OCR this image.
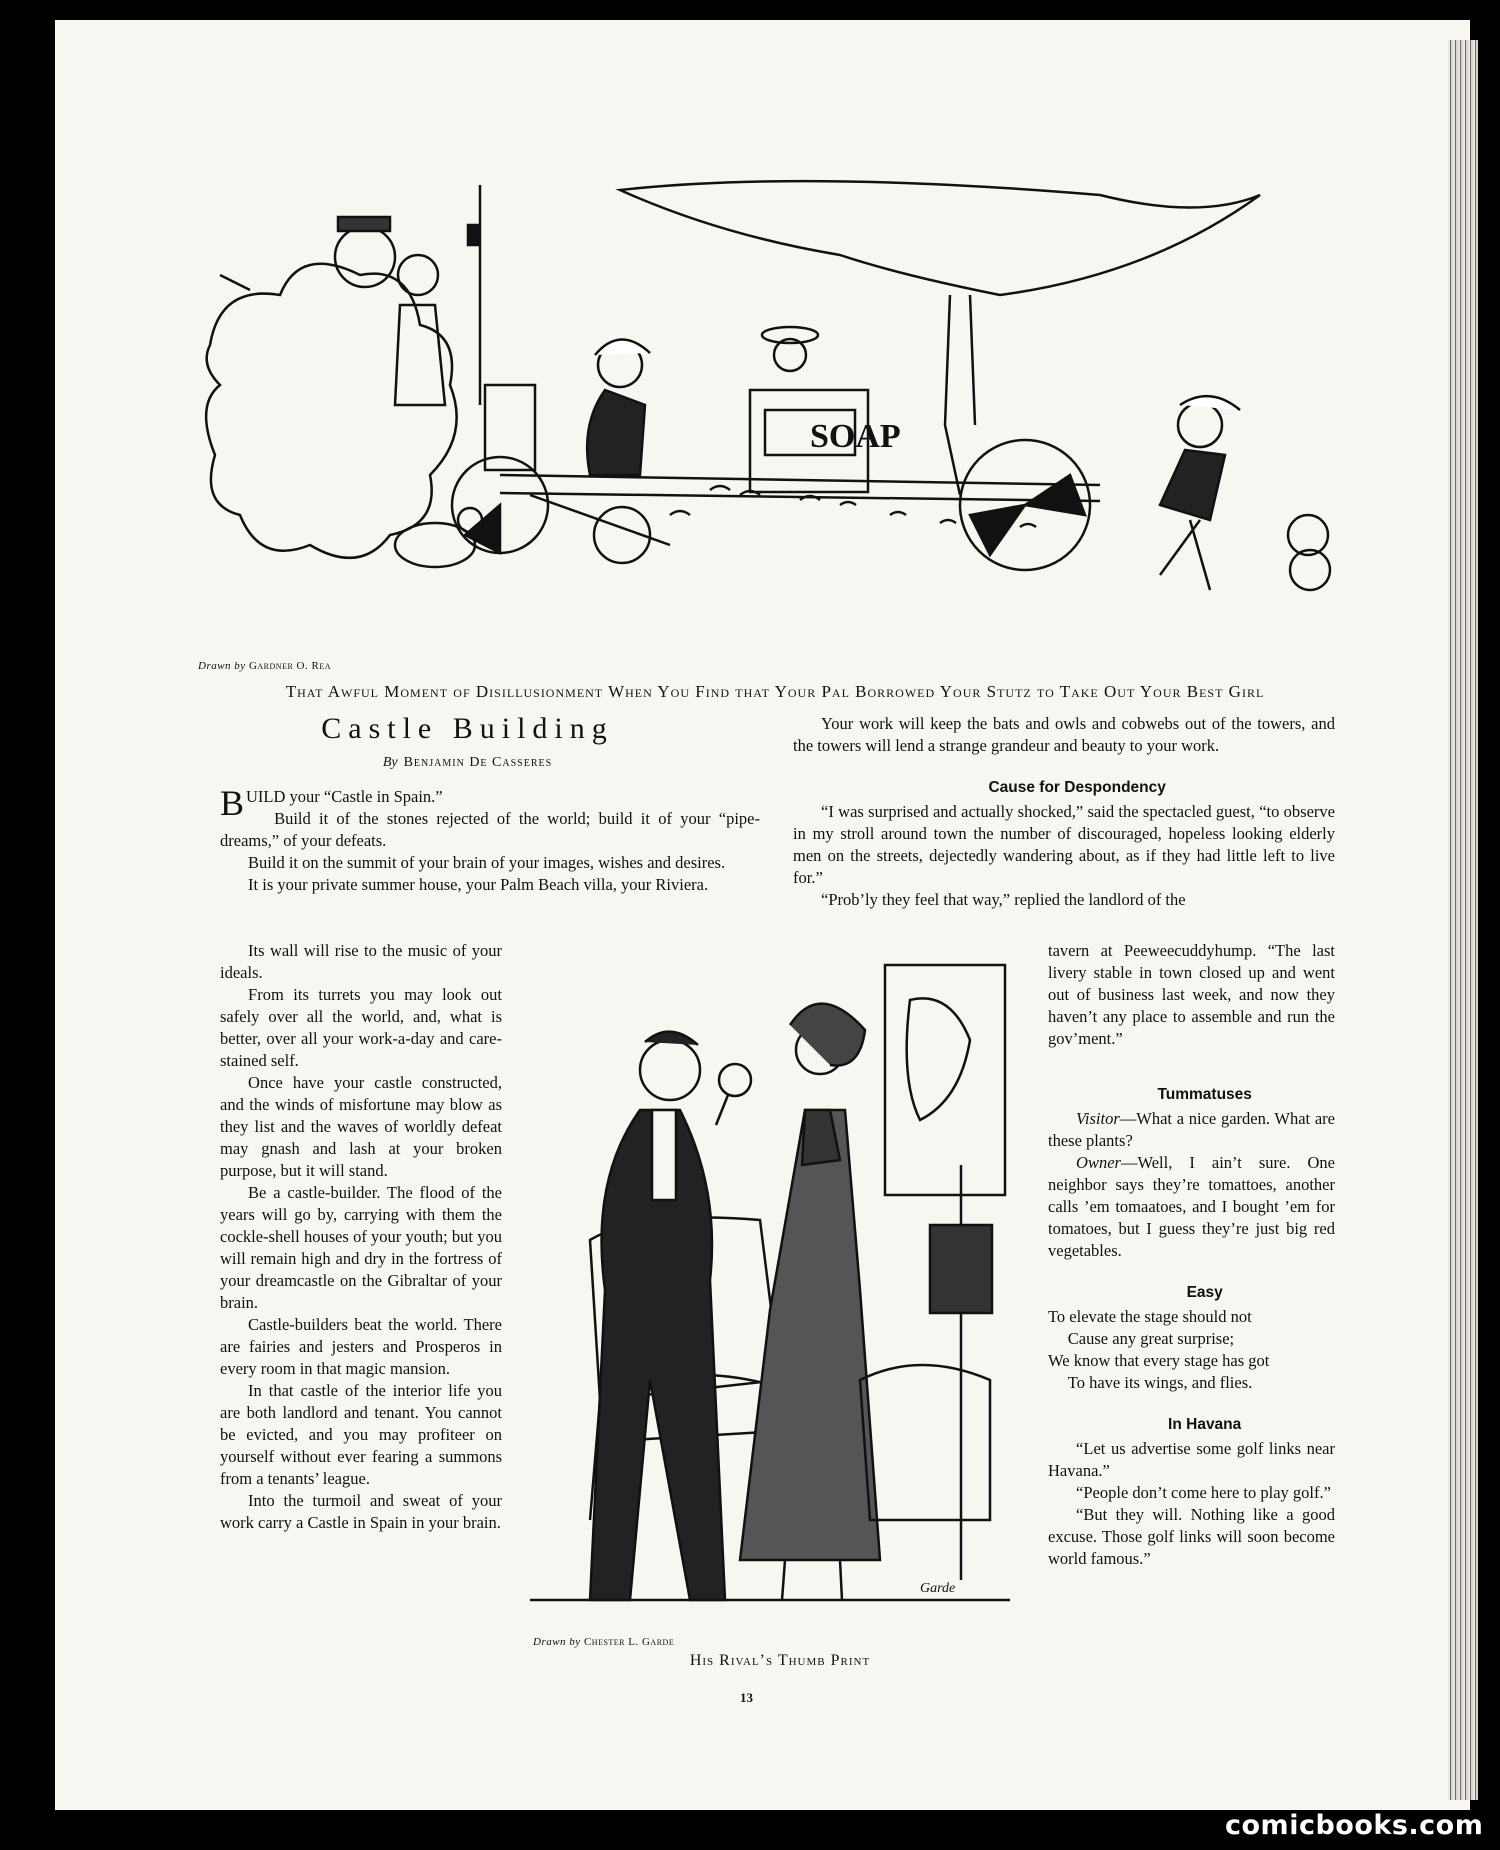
SOAP
Drawn by Gardner O. Rea
That Awful Moment of Disillusionment When You Find that Your Pal Borrowed Your Stutz to Take Out Your Best Girl
Castle Building
By Benjamin De Casseres

BUILD your “Castle in Spain.”

Build it of the stones rejected of the world; build it of your “pipe-dreams,” of your defeats.

Build it on the summit of your brain of your images, wishes and desires.

It is your private summer house, your Palm Beach villa, your Riviera.

Its wall will rise to the music of your ideals.

From its turrets you may look out safely over all the world, and, what is better, over all your work-a-day and care-stained self.

Once have your castle constructed, and the winds of misfortune may blow as they list and the waves of worldly defeat may gnash and lash at your broken purpose, but it will stand.

Be a castle-builder. The flood of the years will go by, carrying with them the cockle-shell houses of your youth; but you will remain high and dry in the fortress of your dreamcastle on the Gibraltar of your brain.

Castle-builders beat the world. There are fairies and jesters and Prosperos in every room in that magic mansion.

In that castle of the interior life you are both landlord and tenant. You cannot be evicted, and you may profiteer on yourself without ever fearing a summons from a tenants’ league.

Into the turmoil and sweat of your work carry a Castle in Spain in your brain.

Your work will keep the bats and owls and cobwebs out of the towers, and the towers will lend a strange grandeur and beauty to your work.

Cause for Despondency

“I was surprised and actually shocked,” said the spectacled guest, “to observe in my stroll around town the number of discouraged, hopeless looking elderly men on the streets, dejectedly wandering about, as if they had little left to live for.”

“Prob’ly they feel that way,” replied the landlord of the

tavern at Peeweecuddyhump. “The last livery stable in town closed up and went out of business last week, and now they haven’t any place to assemble and run the gov’ment.”

Tummatuses

Visitor—What a nice garden. What are these plants?

Owner—Well, I ain’t sure. One neighbor says they’re tomattoes, another calls ’em tomaatoes, and I bought ’em for tomatoes, but I guess they’re just big red vegetables.

Easy

To elevate the stage should not

Cause any great surprise;

We know that every stage has got

To have its wings, and flies.

In Havana

“Let us advertise some golf links near Havana.”

“People don’t come here to play golf.”

“But they will. Nothing like a good excuse. Those golf links will soon become world famous.”

Garde
Drawn by Chester L. Garde
His Rival’s Thumb Print
13
comicbooks.com
